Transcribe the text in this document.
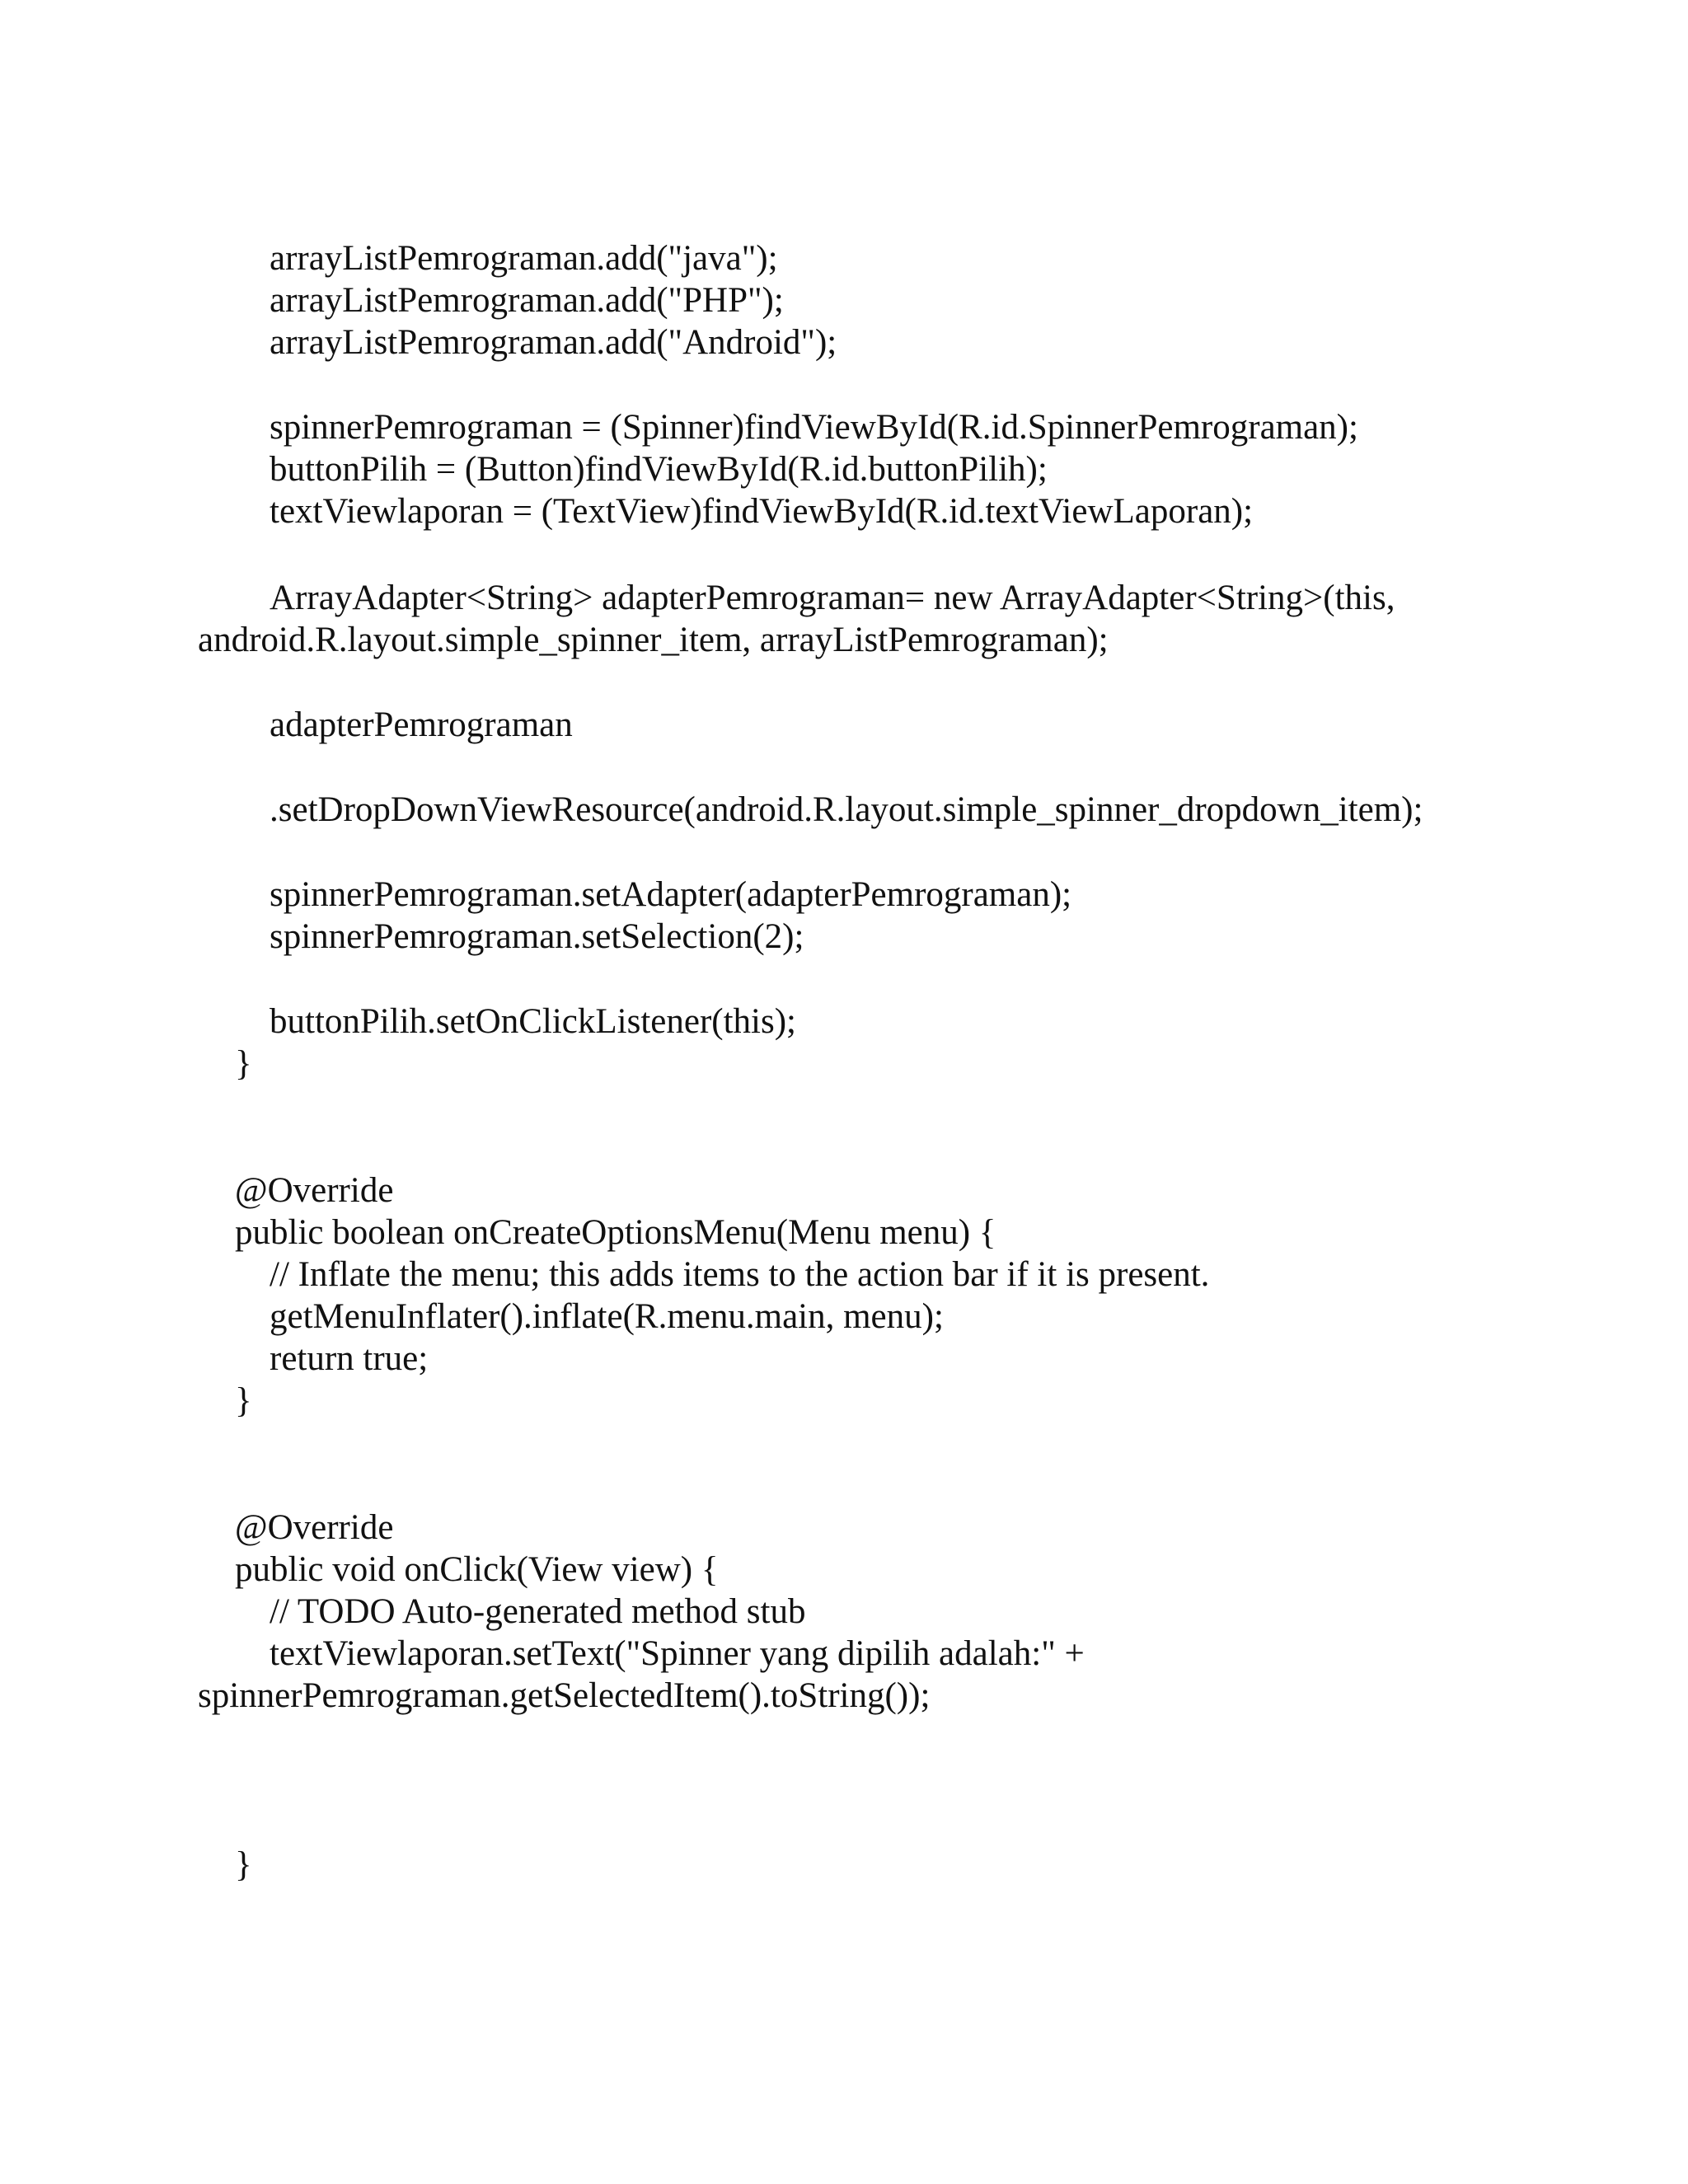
arrayListPemrograman.add("java");
arrayListPemrograman.add("PHP");
arrayListPemrograman.add("Android");
spinnerPemrograman = (Spinner)findViewById(R.id.SpinnerPemrograman);
buttonPilih = (Button)findViewById(R.id.buttonPilih);
textViewlaporan = (TextView)findViewById(R.id.textViewLaporan);
ArrayAdapter<String> adapterPemrograman= new ArrayAdapter<String>(this,
android.R.layout.simple_spinner_item, arrayListPemrograman);
adapterPemrograman
.setDropDownViewResource(android.R.layout.simple_spinner_dropdown_item);
spinnerPemrograman.setAdapter(adapterPemrograman);
spinnerPemrograman.setSelection(2);
buttonPilih.setOnClickListener(this);
}
@Override
public boolean onCreateOptionsMenu(Menu menu) {
// Inflate the menu; this adds items to the action bar if it is present.
getMenuInflater().inflate(R.menu.main, menu);
return true;
}
@Override
public void onClick(View view) {
// TODO Auto-generated method stub
textViewlaporan.setText("Spinner yang dipilih adalah:" +
spinnerPemrograman.getSelectedItem().toString());
}
